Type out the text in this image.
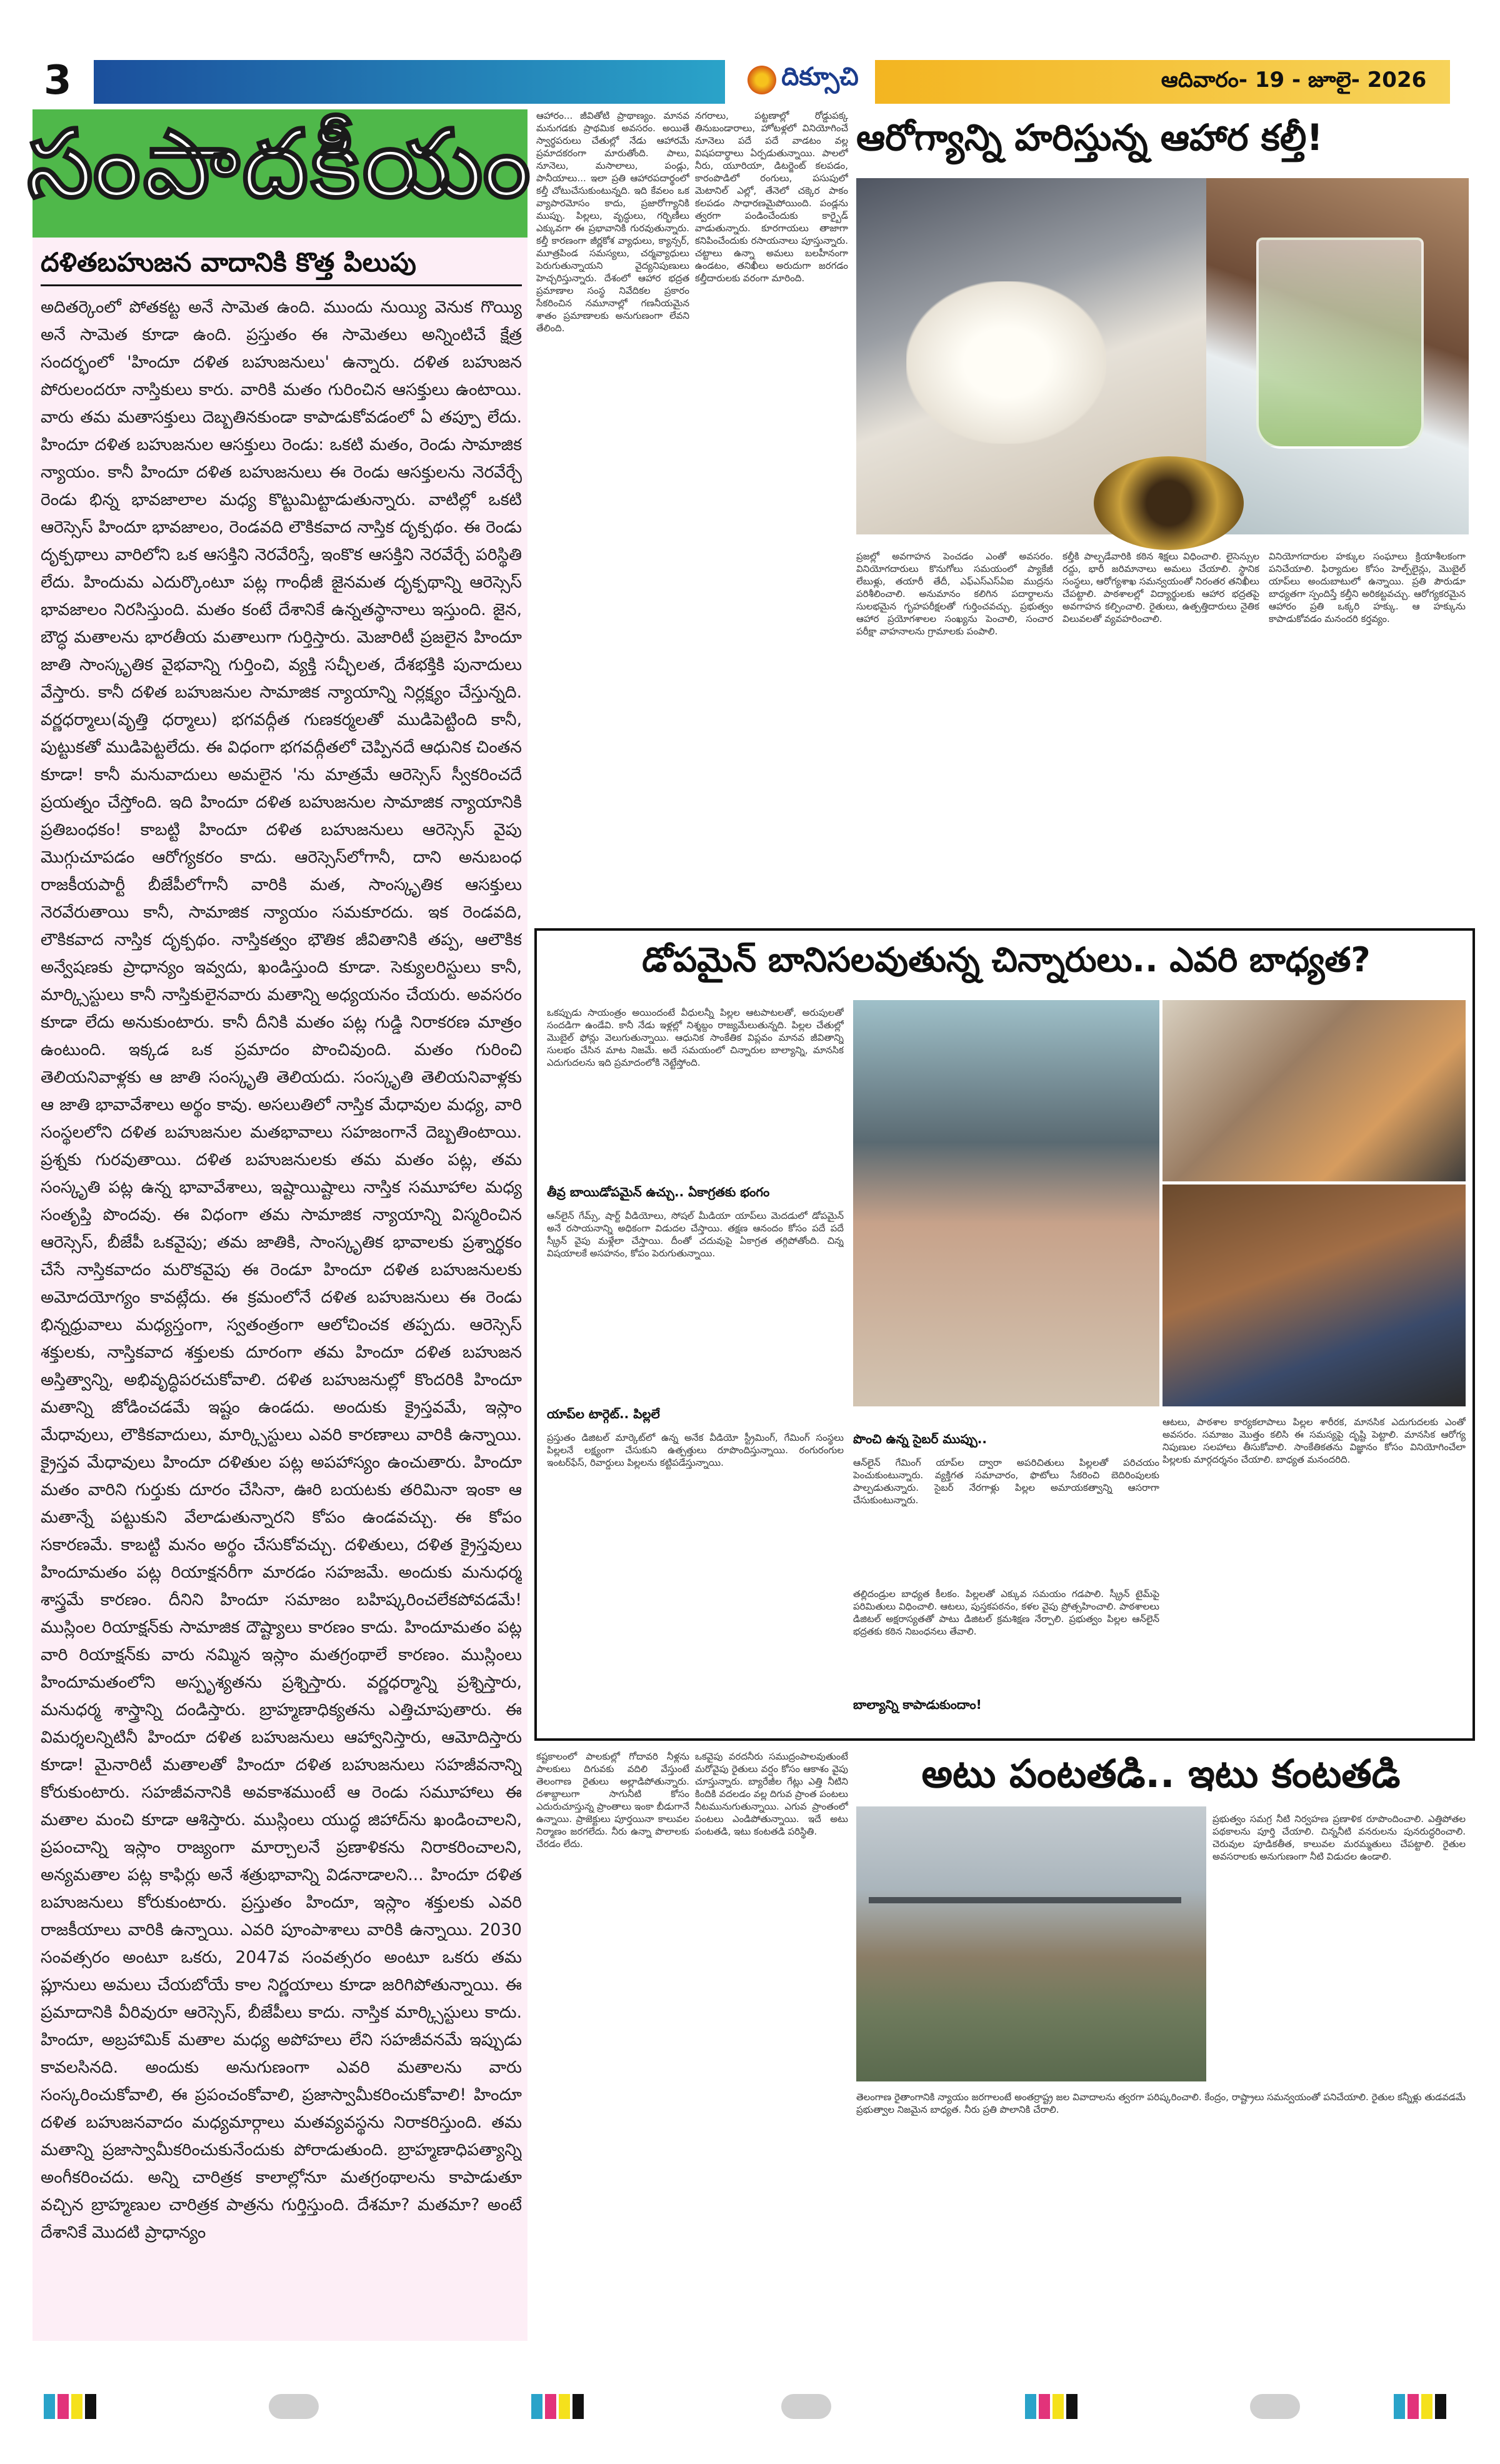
3	దిక్సూచి	ఆదివారం- 19 - జూలై- 2026
సంపాదకీయం
దళితబహుజన వాదానికి కొత్త పిలుపు
అదితర్కెంలో పోతకట్ట అనే సామెత ఉంది. ముందు నుయ్యి వెనుక గొయ్యి అనే సామెత కూడా ఉంది. ప్రస్తుతం ఈ సామెతలు అన్నింటిచే క్షేత్ర సందర్భంలో 'హిందూ దళిత బహుజనులు' ఉన్నారు. దళిత బహుజన పోరులందరూ నాస్తికులు కారు. వారికి మతం గురించిన ఆసక్తులు ఉంటాయి. వారు తమ మతాసక్తులు దెబ్బతినకుండా కాపాడుకోవడంలో ఏ తప్పూ లేదు. హిందూ దళిత బహుజనుల ఆసక్తులు రెండు: ఒకటి మతం, రెండు సామాజిక న్యాయం. కానీ హిందూ దళిత బహుజనులు ఈ రెండు ఆసక్తులను నెరవేర్చే రెండు భిన్న భావజాలాల మధ్య కొట్టుమిట్టాడుతున్నారు. వాటిల్లో ఒకటి ఆరెస్సెస్ హిందూ భావజాలం, రెండవది లౌకికవాద నాస్తిక దృక్పథం. ఈ రెండు దృక్పథాలు వారిలోని ఒక ఆసక్తిని నెరవేరిస్తే, ఇంకొక ఆసక్తిని నెరవేర్చే పరిస్థితి లేదు. హిందుమ ఎదుర్కొంటూ పట్ల గాంధీజీ జైనమత దృక్పథాన్ని ఆరెస్సెస్ భావజాలం నిరసిస్తుంది. మతం కంటే దేశానికే ఉన్నతస్థానాలు ఇస్తుంది. జైన, బౌద్ధ మతాలను భారతీయ మతాలుగా గుర్తిస్తారు. మెజారిటీ ప్రజలైన హిందూ జాతి సాంస్కృతిక వైభవాన్ని గుర్తించి, వ్యక్తి సచ్ఛీలత, దేశభక్తికి పునాదులు వేస్తారు. కానీ దళిత బహుజనుల సామాజిక న్యాయాన్ని నిర్లక్ష్యం చేస్తున్నది. వర్ణధర్మాలు(వృత్తి ధర్మాలు) భగవద్గీత గుణకర్మలతో ముడిపెట్టింది కానీ, పుట్టుకతో ముడిపెట్టలేదు. ఈ విధంగా భగవద్గీతలో చెప్పినదే ఆధునిక చింతన కూడా! కానీ మనువాదులు అమలైన 'ను మాత్రమే ఆరెస్సెస్ స్వీకరించదే ప్రయత్నం చేస్తోంది. ఇది హిందూ దళిత బహుజనుల సామాజిక న్యాయానికి ప్రతిబంధకం! కాబట్టి హిందూ దళిత బహుజనులు ఆరెస్సెస్ వైపు మొగ్గుచూపడం ఆరోగ్యకరం కాదు. ఆరెస్సెస్‌లోగానీ, దాని అనుబంధ రాజకీయపార్టీ బీజేపీలోగానీ వారికి మత, సాంస్కృతిక ఆసక్తులు నెరవేరుతాయి కానీ, సామాజిక న్యాయం సమకూరదు. ఇక రెండవది, లౌకికవాద నాస్తిక దృక్పథం. నాస్తికత్వం భౌతిక జీవితానికి తప్ప, ఆలౌకిక అన్వేషణకు ప్రాధాన్యం ఇవ్వదు, ఖండిస్తుంది కూడా. సెక్యులరిస్టులు కానీ, మార్క్సిస్టులు కానీ నాస్తికులైనవారు మతాన్ని అధ్యయనం చేయరు. అవసరం కూడా లేదు అనుకుంటారు. కానీ దీనికి మతం పట్ల గుడ్డి నిరాకరణ మాత్రం ఉంటుంది. ఇక్కడ ఒక ప్రమాదం పొంచివుంది. మతం గురించి తెలియనివాళ్లకు ఆ జాతి సంస్కృతి తెలియదు. సంస్కృతి తెలియనివాళ్లకు ఆ జాతి భావావేశాలు అర్థం కావు. అసలుతిలో నాస్తిక మేధావుల మధ్య, వారి సంస్థలలోని దళిత బహుజనుల మతభావాలు సహజంగానే దెబ్బతింటాయి. ప్రశ్నకు గురవుతాయి. దళిత బహుజనులకు తమ మతం పట్ల, తమ సంస్కృతి పట్ల ఉన్న భావావేశాలు, ఇష్టాయిష్టాలు నాస్తిక సమూహాల మధ్య సంతృప్తి పొందవు. ఈ విధంగా తమ సామాజిక న్యాయాన్ని విస్మరించిన ఆరెస్సెస్, బీజేపీ ఒకవైపు; తమ జాతికి, సాంస్కృతిక భావాలకు ప్రశ్నార్థకం చేసే నాస్తికవాదం మరొకవైపు ఈ రెండూ హిందూ దళిత బహుజనులకు అమోదయోగ్యం కావట్లేదు. ఈ క్రమంలోనే దళిత బహుజనులు ఈ రెండు భిన్నధ్రువాలు మధ్యస్తంగా, స్వతంత్రంగా ఆలోచించక తప్పదు. ఆరెస్సెస్ శక్తులకు, నాస్తికవాద శక్తులకు దూరంగా తమ హిందూ దళిత బహుజన అస్తిత్వాన్ని, అభివృద్ధిపరచుకోవాలి. దళిత బహుజనుల్లో కొందరికి హిందూ మతాన్ని జోడించడమే ఇష్టం ఉండదు. అందుకు క్రైస్తవమే, ఇస్లాం మేధావులు, లౌకికవాదులు, మార్క్సిస్టులు ఎవరి కారణాలు వారికి ఉన్నాయి. క్రైస్తవ మేధావులు హిందూ దళితుల పట్ల అపహాస్యం ఉంచుతారు. హిందూ మతం వారిని గుర్తుకు దూరం చేసినా, ఊరి బయటకు తరిమినా ఇంకా ఆ మతాన్నే పట్టుకుని వేలాడుతున్నారని కోపం ఉండవచ్చు. ఈ కోపం సకారణమే. కాబట్టి మనం అర్థం చేసుకోవచ్చు. దళితులు, దళిత క్రైస్తవులు హిందూమతం పట్ల రియాక్షనరీగా మారడం సహజమే. అందుకు మనుధర్మ శాస్త్రమే కారణం. దీనిని హిందూ సమాజం బహిష్కరించలేకపోవడమే! ముస్లింల రియాక్షన్‌కు సామాజిక దౌష్ట్యాలు కారణం కాదు. హిందూమతం పట్ల వారి రియాక్షన్‌కు వారు నమ్మిన ఇస్లాం మతగ్రంథాలే కారణం. ముస్లింలు హిందూమతంలోని అస్పృశ్యతను ప్రశ్నిస్తారు. వర్ణధర్మాన్ని ప్రశ్నిస్తారు, మనుధర్మ శాస్త్రాన్ని దండిస్తారు. బ్రాహ్మణాధిక్యతను ఎత్తిచూపుతారు. ఈ విమర్శలన్నిటినీ హిందూ దళిత బహుజనులు ఆహ్వానిస్తారు, ఆమోదిస్తారు కూడా! మైనారిటీ మతాలతో హిందూ దళిత బహుజనులు సహజీవనాన్ని కోరుకుంటారు. సహజీవనానికి అవకాశముంటే ఆ రెండు సమూహాలు ఈ మతాల మంచి కూడా ఆశిస్తారు. ముస్లింలు యుద్ధ జిహాద్‌ను ఖండించాలని, ప్రపంచాన్ని ఇస్లాం రాజ్యంగా మార్చాలనే ప్రణాళికను నిరాకరించాలని, అన్యమతాల పట్ల కాఫిర్లు అనే శత్రుభావాన్ని విడనాడాలని... హిందూ దళిత బహుజనులు కోరుకుంటారు. ప్రస్తుతం హిందూ, ఇస్లాం శక్తులకు ఎవరి రాజకీయాలు వారికి ఉన్నాయి. ఎవరి పూంపాశాలు వారికి ఉన్నాయి. 2030 సంవత్సరం అంటూ ఒకరు, 2047వ సంవత్సరం అంటూ ఒకరు తమ ప్లూనులు అమలు చేయబోయే కాల నిర్ణయాలు కూడా జరిగిపోతున్నాయి. ఈ ప్రమాదానికి వీరివురూ ఆరెస్సెస్, బీజేపీలు కాదు. నాస్తిక మార్క్సిస్టులు కాదు. హిందూ, అబ్రహామిక్ మతాల మధ్య అపోహలు లేని సహజీవనమే ఇప్పుడు కావలసినది. అందుకు అనుగుణంగా ఎవరి మతాలను వారు సంస్కరించుకోవాలి, ఈ ప్రపంచంకోవాలి, ప్రజాస్వామీకరించుకోవాలి! హిందూ దళిత బహుజనవాదం మధ్యమార్గాలు మతవ్యవస్థను నిరాకరిస్తుంది. తమ మతాన్ని ప్రజాస్వామీకరించుకునేందుకు పోరాడుతుంది. బ్రాహ్మణాధిపత్యాన్ని అంగీకరించదు. అన్ని చారిత్రక కాలాల్లోనూ మతగ్రంథాలను కాపాడుతూ వచ్చిన బ్రాహ్మణుల చారిత్రక పాత్రను గుర్తిస్తుంది. దేశమా? మతమా? అంటే దేశానికే మొదటి ప్రాధాన్యం
ఆహారం... జీవితోటి ప్రాథాణ్యం. మానవ మనుగడకు ప్రాథమిక అవసరం. అయితే స్వార్థపరులు చేతుల్లో నేడు ఆహారమే ప్రమాదకరంగా మారుతోంది. పాలు, నూనెలు, మసాలాలు, పండ్లు, పానీయాలు... ఇలా ప్రతి ఆహారపదార్థంలో కల్తీ చోటుచేసుకుంటున్నది. ఇది కేవలం ఒక వ్యాపారమోసం కాదు, ప్రజారోగ్యానికి ముప్పు. పిల్లలు, వృద్ధులు, గర్భిణీలు ఎక్కువగా ఈ ప్రభావానికి గురవుతున్నారు. కల్తీ కారణంగా జీర్ణకోశ వ్యాధులు, క్యాన్సర్, మూత్రపిండ సమస్యలు, చర్మవ్యాధులు పెరుగుతున్నాయని వైద్యనిపుణులు హెచ్చరిస్తున్నారు. దేశంలో ఆహార భద్రత ప్రమాణాల సంస్థ నివేదికల ప్రకారం సేకరించిన నమూనాల్లో గణనీయమైన శాతం ప్రమాణాలకు అనుగుణంగా లేవని తేలింది.
నగరాలు, పట్టణాల్లో రోడ్డుపక్క తినుబండారాలు, హోటళ్లలో వినియోగించే నూనెలు పదే పదే వాడటం వల్ల విషపదార్థాలు ఏర్పడుతున్నాయి. పాలలో నీరు, యూరియా, డిటర్జెంట్ కలపడం, కారంపొడిలో రంగులు, పసుపులో మెటానిల్ ఎల్లో, తేనెలో చక్కెర పాకం కలపడం సాధారణమైపోయింది. పండ్లను త్వరగా పండించేందుకు కార్బైడ్ వాడుతున్నారు. కూరగాయలు తాజాగా కనిపించేందుకు రసాయనాలు పూస్తున్నారు. చట్టాలు ఉన్నా అమలు బలహీనంగా ఉండటం, తనిఖీలు అరుదుగా జరగడం కల్తీదారులకు వరంగా మారింది.
ఆరోగ్యాన్ని హరిస్తున్న ఆహార కల్తీ!
ప్రజల్లో అవగాహన పెంచడం ఎంతో అవసరం. వినియోగదారులు కొనుగోలు సమయంలో ప్యాకేజీ లేబుళ్లు, తయారీ తేదీ, ఎఫ్ఎస్ఎస్ఏఐ ముద్రను పరిశీలించాలి. అనుమానం కలిగిన పదార్థాలను సులభమైన గృహపరీక్షలతో గుర్తించవచ్చు. ప్రభుత్వం ఆహార ప్రయోగశాలల సంఖ్యను పెంచాలి, సంచార పరీక్షా వాహనాలను గ్రామాలకు పంపాలి.
కల్తీకి పాల్పడేవారికి కఠిన శిక్షలు విధించాలి. లైసెన్సుల రద్దు, భారీ జరిమానాలు అమలు చేయాలి. స్థానిక సంస్థలు, ఆరోగ్యశాఖ సమన్వయంతో నిరంతర తనిఖీలు చేపట్టాలి. పాఠశాలల్లో విద్యార్థులకు ఆహార భద్రతపై అవగాహన కల్పించాలి. రైతులు, ఉత్పత్తిదారులు నైతిక విలువలతో వ్యవహరించాలి.
వినియోగదారుల హక్కుల సంఘాలు క్రియాశీలకంగా పనిచేయాలి. ఫిర్యాదుల కోసం హెల్ప్‌లైన్లు, మొబైల్ యాప్‌లు అందుబాటులో ఉన్నాయి. ప్రతి పౌరుడూ బాధ్యతగా స్పందిస్తే కల్తీని అరికట్టవచ్చు. ఆరోగ్యకరమైన ఆహారం ప్రతి ఒక్కరి హక్కు. ఆ హక్కును కాపాడుకోవడం మనందరి కర్తవ్యం.
డోపమైన్ బానిసలవుతున్న చిన్నారులు.. ఎవరి బాధ్యత?
ఒకప్పుడు సాయంత్రం అయిందంటే వీధులన్నీ పిల్లల ఆటపాటలతో, అరుపులతో సందడిగా ఉండేవి. కానీ నేడు ఇళ్లల్లో నిశ్శబ్దం రాజ్యమేలుతున్నది. పిల్లల చేతుల్లో మొబైల్ ఫోన్లు వెలుగుతున్నాయి. ఆధునిక సాంకేతిక విప్లవం మానవ జీవితాన్ని సులభం చేసిన మాట నిజమే. అదే సమయంలో చిన్నారుల బాల్యాన్ని, మానసిక ఎదుగుదలను ఇది ప్రమాదంలోకి నెట్టేస్తోంది.
తీవ్ర బాయిడోపమైన్ ఉచ్చు.. ఏకాగ్రతకు భంగం
ఆన్‌లైన్ గేమ్స్, షార్ట్ వీడియోలు, సోషల్ మీడియా యాప్‌లు మెదడులో డోపమైన్ అనే రసాయనాన్ని అధికంగా విడుదల చేస్తాయి. తక్షణ ఆనందం కోసం పదే పదే స్క్రీన్ వైపు మళ్లేలా చేస్తాయి. దీంతో చదువుపై ఏకాగ్రత తగ్గిపోతోంది. చిన్న విషయాలకే అసహనం, కోపం పెరుగుతున్నాయి.
పొంచి ఉన్న సైబర్ ముప్పు..
ఆన్‌లైన్ గేమింగ్ యాప్‌ల ద్వారా అపరిచితులు పిల్లలతో పరిచయం పెంచుకుంటున్నారు. వ్యక్తిగత సమాచారం, ఫొటోలు సేకరించి బెదిరింపులకు పాల్పడుతున్నారు. సైబర్ నేరగాళ్లు పిల్లల అమాయకత్వాన్ని ఆసరాగా చేసుకుంటున్నారు.
యాప్‌ల టార్గెట్.. పిల్లలే
ప్రస్తుతం డిజిటల్ మార్కెట్‌లో ఉన్న అనేక వీడియో స్ట్రీమింగ్, గేమింగ్ సంస్థలు పిల్లలనే లక్ష్యంగా చేసుకుని ఉత్పత్తులు రూపొందిస్తున్నాయి. రంగురంగుల ఇంటర్‌ఫేస్, రివార్డులు పిల్లలను కట్టిపడేస్తున్నాయి.
తల్లిదండ్రుల బాధ్యత కీలకం. పిల్లలతో ఎక్కువ సమయం గడపాలి. స్క్రీన్ టైమ్‌పై పరిమితులు విధించాలి. ఆటలు, పుస్తకపఠనం, కళల వైపు ప్రోత్సహించాలి. పాఠశాలలు డిజిటల్ అక్షరాస్యతతో పాటు డిజిటల్ క్రమశిక్షణ నేర్పాలి. ప్రభుత్వం పిల్లల ఆన్‌లైన్ భద్రతకు కఠిన నిబంధనలు తేవాలి.
బాల్యాన్ని కాపాడుకుందాం!
ఆటలు, పాఠశాల కార్యకలాపాలు పిల్లల శారీరక, మానసిక ఎదుగుదలకు ఎంతో అవసరం. సమాజం మొత్తం కలిసి ఈ సమస్యపై దృష్టి పెట్టాలి. మానసిక ఆరోగ్య నిపుణుల సలహాలు తీసుకోవాలి. సాంకేతికతను విజ్ఞానం కోసం వినియోగించేలా పిల్లలకు మార్గదర్శనం చేయాలి. బాధ్యత మనందరిది.
కష్టకాలంలో పాలకుల్లో గోదావరి నీళ్లను పాలకులు దిగువకు వదిలి వేస్తుంటే తెలంగాణ రైతులు అల్లాడిపోతున్నారు. దశాబ్దాలుగా సాగునీటి కోసం ఎదురుచూస్తున్న ప్రాంతాలు ఇంకా బీడుగానే ఉన్నాయి. ప్రాజెక్టులు పూర్తయినా కాలువల నిర్మాణం జరగలేదు. నీరు ఉన్నా పొలాలకు చేరడం లేదు.
ఒకవైపు వరదనీరు సముద్రంపాలవుతుంటే మరోవైపు రైతులు వర్షం కోసం ఆకాశం వైపు చూస్తున్నారు. బ్యారేజీల గేట్లు ఎత్తి నీటిని కిందికి వదలడం వల్ల దిగువ ప్రాంత పంటలు నీటమునుగుతున్నాయి. ఎగువ ప్రాంతంలో పంటలు ఎండిపోతున్నాయి. ఇదే అటు పంటతడి, ఇటు కంటతడి పరిస్థితి.
అటు పంటతడి.. ఇటు కంటతడి
ప్రభుత్వం సమగ్ర నీటి నిర్వహణ ప్రణాళిక రూపొందించాలి. ఎత్తిపోతల పథకాలను పూర్తి చేయాలి. చిన్ననీటి వనరులను పునరుద్ధరించాలి. చెరువుల పూడికతీత, కాలువల మరమ్మతులు చేపట్టాలి. రైతుల అవసరాలకు అనుగుణంగా నీటి విడుదల ఉండాలి.
తెలంగాణ రైతాంగానికి న్యాయం జరగాలంటే అంతర్రాష్ట్ర జల వివాదాలను త్వరగా పరిష్కరించాలి. కేంద్రం, రాష్ట్రాలు సమన్వయంతో పనిచేయాలి. రైతుల కన్నీళ్లు తుడవడమే ప్రభుత్వాల నిజమైన బాధ్యత. నీరు ప్రతి పొలానికి చేరాలి.
